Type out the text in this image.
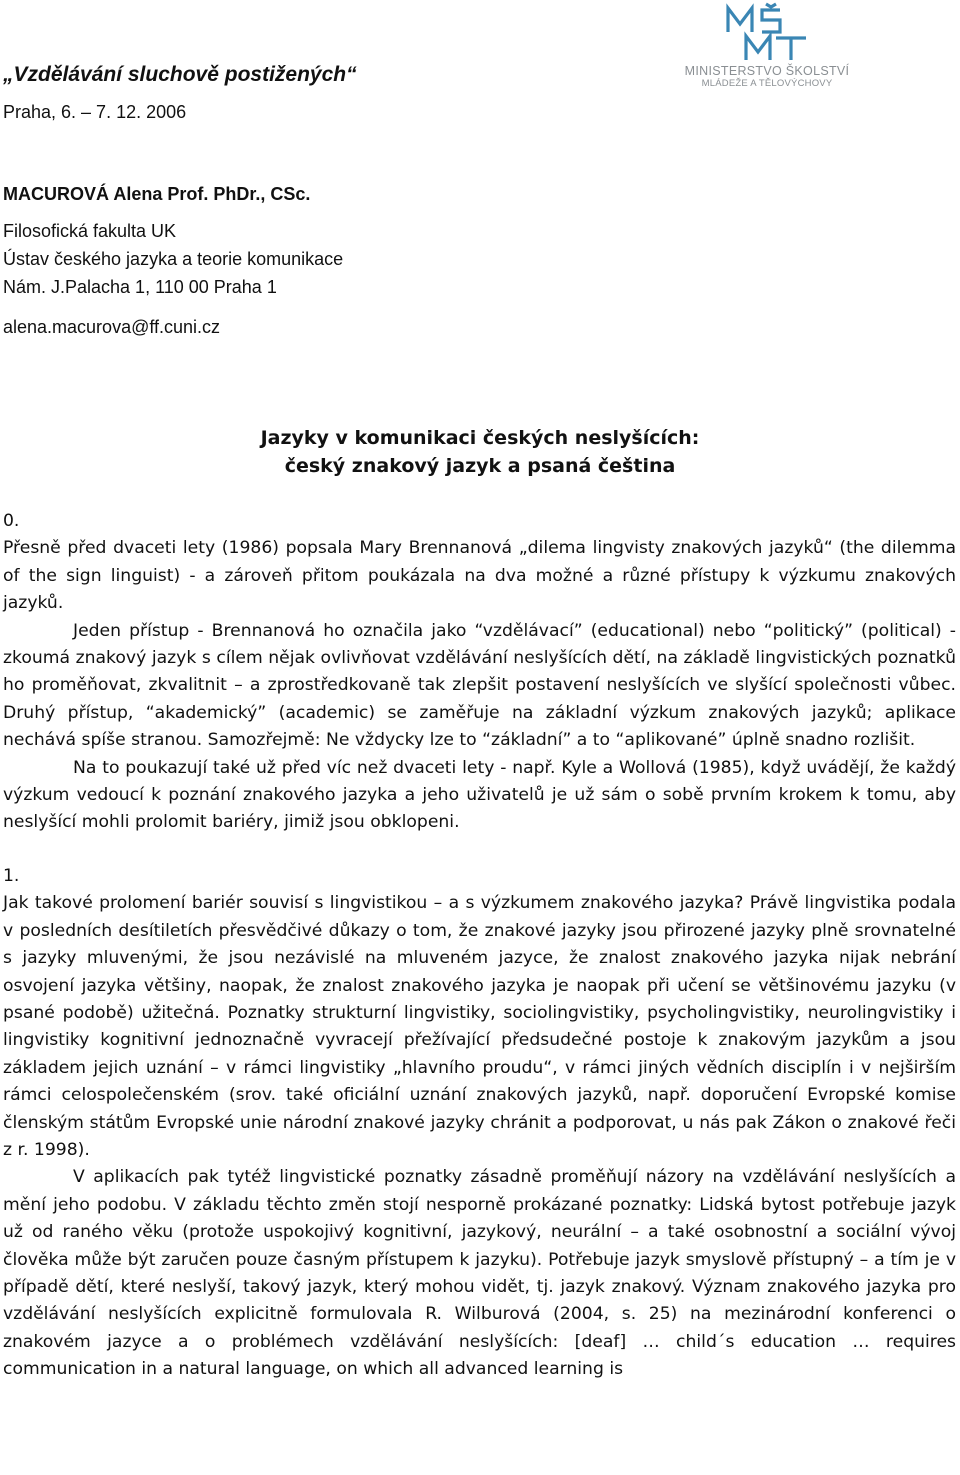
„Vzdělávání sluchově postižených“
Praha, 6. – 7. 12. 2006
MACUROVÁ Alena Prof. PhDr., CSc.
Filosofická fakulta UK
Ústav českého jazyka a teorie komunikace
Nám. J.Palacha 1, 110 00 Praha 1
alena.macurova@ff.cuni.cz
MINISTERSTVO ŠKOLSTVÍ
MLÁDEŽE A TĚLOVÝCHOVY
Jazyky v komunikaci českých neslyšících:
český znakový jazyk a psaná čeština

0.

Přesně před dvaceti lety (1986) popsala Mary Brennanová „dilema lingvisty znakových jazyků“ (the dilemma of the sign linguist) - a zároveň přitom poukázala na dva možné a různé přístupy k výzkumu znakových jazyků.

Jeden přístup - Brennanová ho označila jako “vzdělávací” (educational) nebo “politický” (political) - zkoumá znakový jazyk s cílem nějak ovlivňovat vzdělávání neslyšících dětí, na základě lingvistických poznatků ho proměňovat, zkvalitnit – a zprostředkovaně tak zlepšit postavení neslyšících ve slyšící společnosti vůbec. Druhý přístup, “akademický” (academic) se zaměřuje na základní výzkum znakových jazyků; aplikace nechává spíše stranou. Samozřejmě: Ne vždycky lze to “základní” a to “aplikované” úplně snadno rozlišit.

Na to poukazují také už před víc než dvaceti lety - např. Kyle a Wollová (1985), když uvádějí, že každý výzkum vedoucí k poznání znakového jazyka a jeho uživatelů je už sám o sobě prvním krokem k tomu, aby neslyšící mohli prolomit bariéry, jimiž jsou obklopeni.

1.

Jak takové prolomení bariér souvisí s lingvistikou – a s výzkumem znakového jazyka? Právě lingvistika podala v posledních desítiletích přesvědčivé důkazy o tom, že znakové jazyky jsou přirozené jazyky plně srovnatelné s jazyky mluvenými, že jsou nezávislé na mluveném jazyce, že znalost znakového jazyka nijak nebrání osvojení jazyka většiny, naopak, že znalost znakového jazyka je naopak při učení se většinovému jazyku (v psané podobě) užitečná. Poznatky strukturní lingvistiky, sociolingvistiky, psycholingvistiky, neurolingvistiky i lingvistiky kognitivní jednoznačně vyvracejí přežívající předsudečné postoje k znakovým jazykům a jsou základem jejich uznání – v rámci lingvistiky „hlavního proudu“, v rámci jiných vědních disciplín i v nejširším rámci celospolečenském (srov. také oficiální uznání znakových jazyků, např. doporučení Evropské komise členským státům Evropské unie národní znakové jazyky chránit a podporovat, u nás pak Zákon o znakové řeči z r. 1998).

V aplikacích pak tytéž lingvistické poznatky zásadně proměňují názory na vzdělávání neslyšících a mění jeho podobu. V základu těchto změn stojí nesporně prokázané poznatky: Lidská bytost potřebuje jazyk už od raného věku (protože uspokojivý kognitivní, jazykový, neurální – a také osobnostní a sociální vývoj člověka může být zaručen pouze časným přístupem k jazyku). Potřebuje jazyk smyslově přístupný – a tím je v případě dětí, které neslyší, takový jazyk, který mohou vidět, tj. jazyk znakový. Význam znakového jazyka pro vzdělávání neslyšících explicitně formulovala R. Wilburová (2004, s. 25) na mezinárodní konferenci o znakovém jazyce a o problémech vzdělávání neslyšících: [deaf] … child´s education … requires communication in a natural language, on which all advanced learning is
